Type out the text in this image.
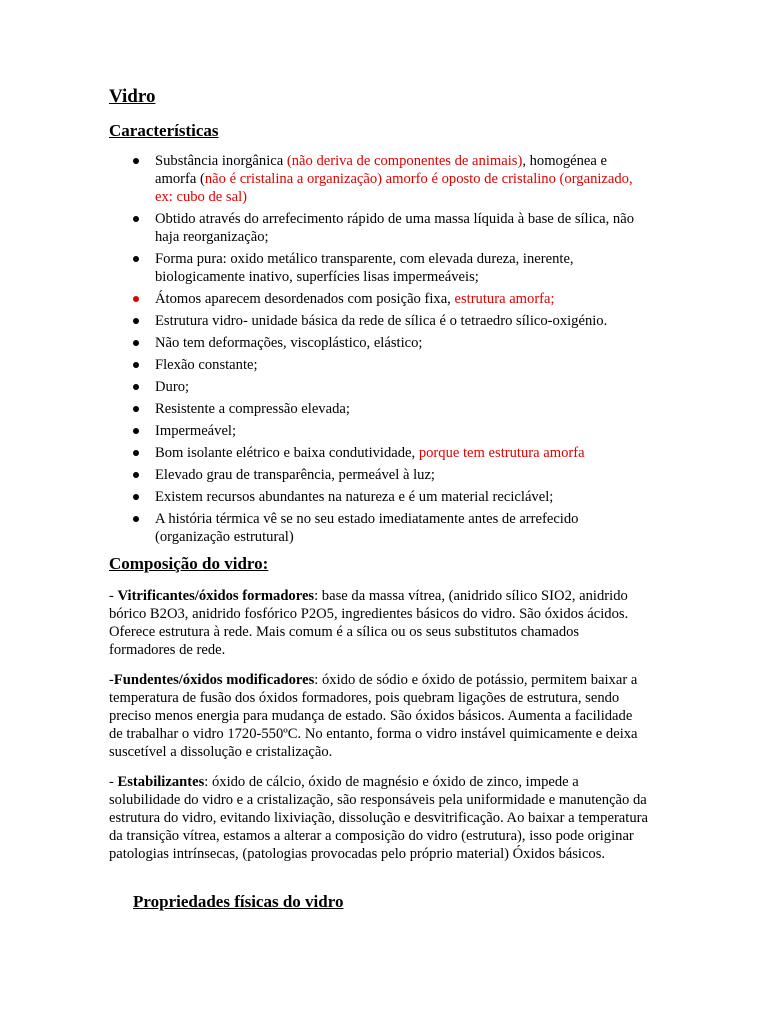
Vidro
Características
Substância inorgânica (não deriva de componentes de animais), homogénea e amorfa (não é cristalina a organização) amorfo é oposto de cristalino (organizado, ex: cubo de sal)
Obtido através do arrefecimento rápido de uma massa líquida à base de sílica, não haja reorganização;
Forma pura: oxido metálico transparente, com elevada dureza, inerente, biologicamente inativo, superfícies lisas impermeáveis;
Átomos aparecem desordenados com posição fixa, estrutura amorfa;
Estrutura vidro- unidade básica da rede de sílica é o tetraedro sílico-oxigénio.
Não tem deformações, viscoplástico, elástico;
Flexão constante;
Duro;
Resistente a compressão elevada;
Impermeável;
Bom isolante elétrico e baixa condutividade, porque tem estrutura amorfa
Elevado grau de transparência, permeável à luz;
Existem recursos abundantes na natureza e é um material reciclável;
A história térmica vê se no seu estado imediatamente antes de arrefecido (organização estrutural)
Composição do vidro:

- Vitrificantes/óxidos formadores: base da massa vítrea, (anidrido sílico SIO2, anidrido bórico B2O3, anidrido fosfórico P2O5, ingredientes básicos do vidro. São óxidos ácidos. Oferece estrutura à rede. Mais comum é a sílica ou os seus substitutos chamados formadores de rede.

-Fundentes/óxidos modificadores: óxido de sódio e óxido de potássio, permitem baixar a temperatura de fusão dos óxidos formadores, pois quebram ligações de estrutura, sendo preciso menos energia para mudança de estado. São óxidos básicos. Aumenta a facilidade de trabalhar o vidro 1720-550ºC. No entanto, forma o vidro instável quimicamente e deixa suscetível a dissolução e cristalização.

- Estabilizantes: óxido de cálcio, óxido de magnésio e óxido de zinco, impede a solubilidade do vidro e a cristalização, são responsáveis pela uniformidade e manutenção da estrutura do vidro, evitando lixiviação, dissolução e desvitrificação. Ao baixar a temperatura da transição vítrea, estamos a alterar a composição do vidro (estrutura), isso pode originar patologias intrínsecas, (patologias provocadas pelo próprio material) Óxidos básicos.

Propriedades físicas do vidro
